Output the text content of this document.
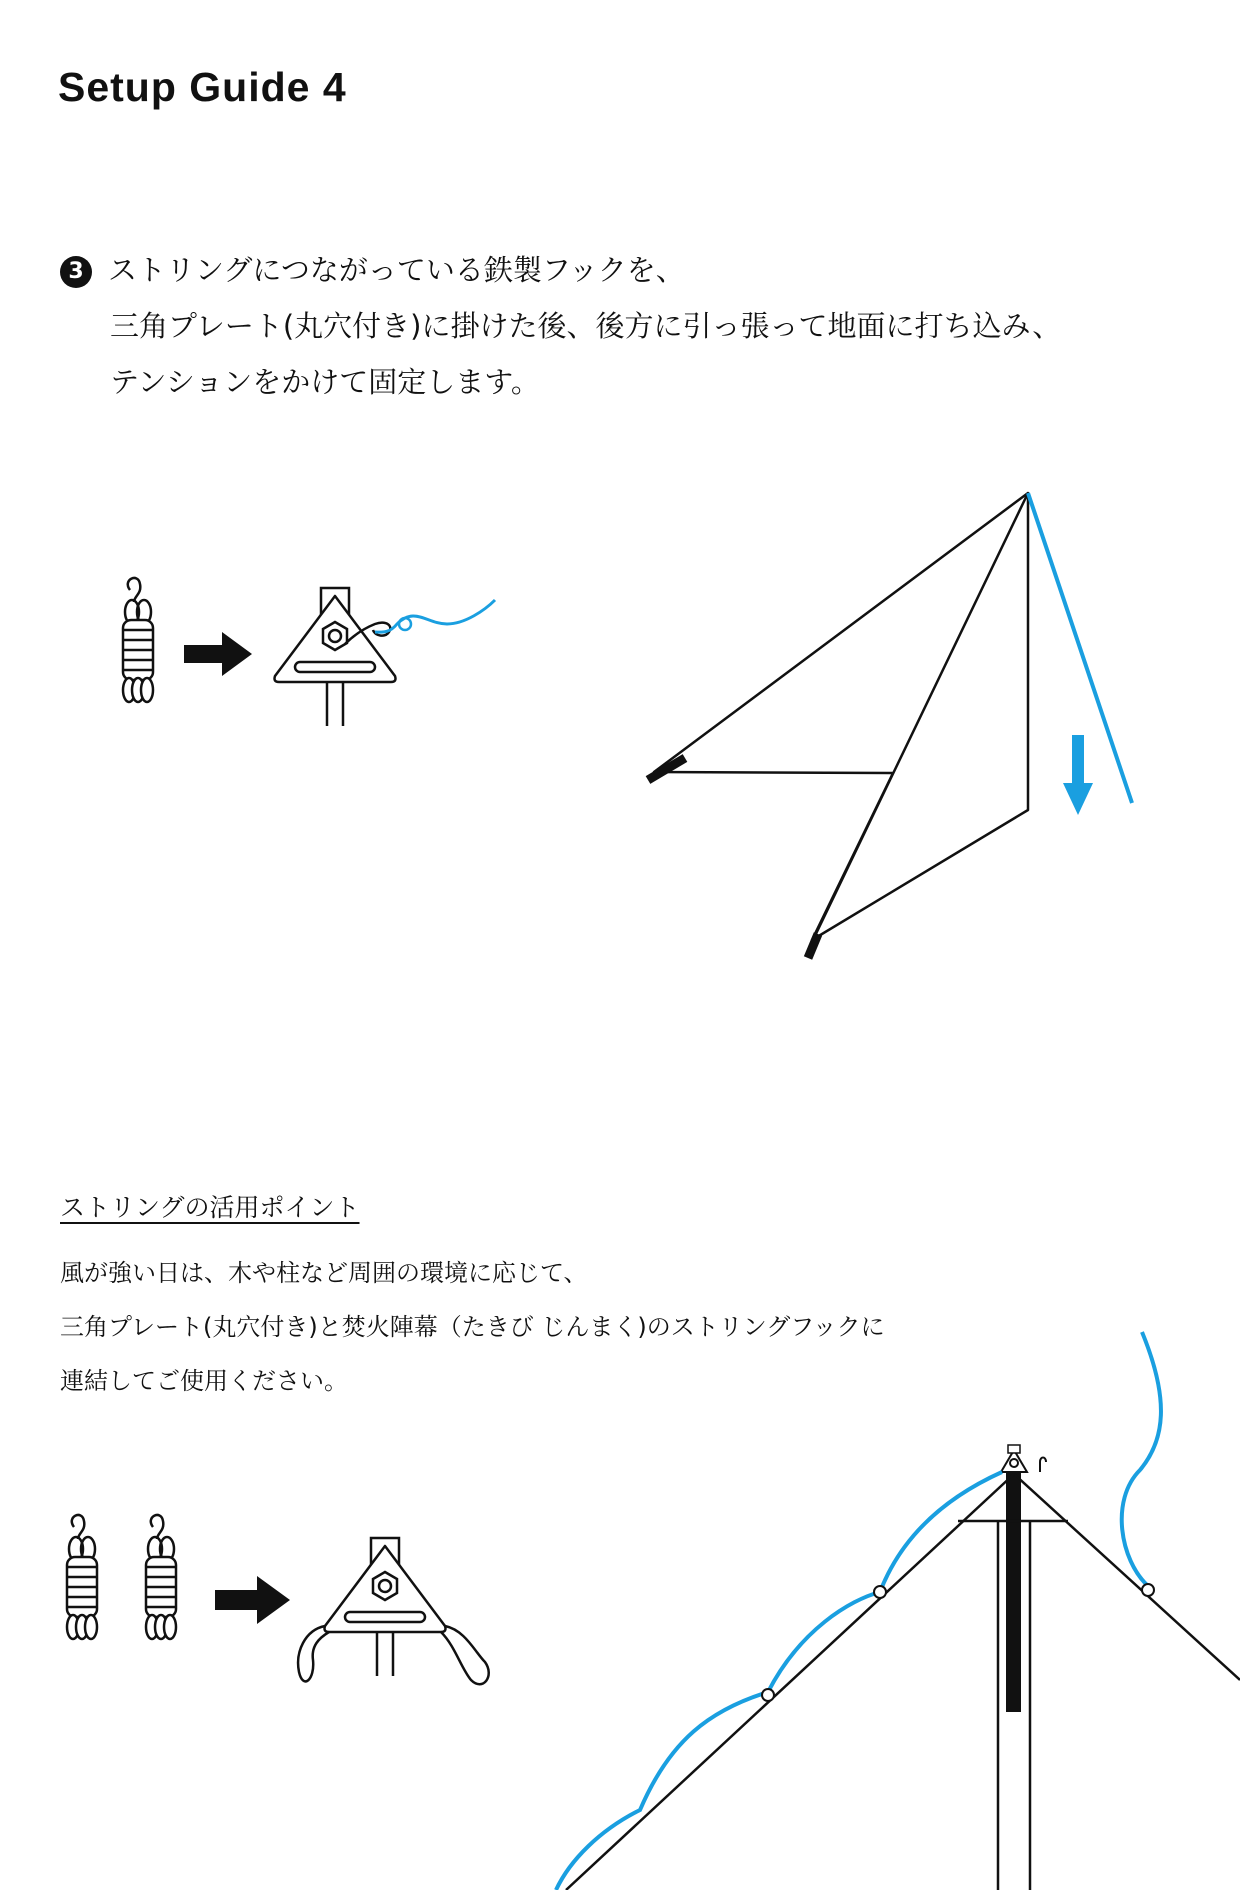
Setup Guide 4
3 ストリングにつながっている鉄製フックを、
三角プレート(丸穴付き)に掛けた後、後方に引っ張って地面に打ち込み、
テンションをかけて固定します。
ストリングの活用ポイント
風が強い日は、木や柱など周囲の環境に応じて、
三角プレート(丸穴付き)と焚火陣幕（たきび じんまく)のストリングフックに
連結してご使用ください。
